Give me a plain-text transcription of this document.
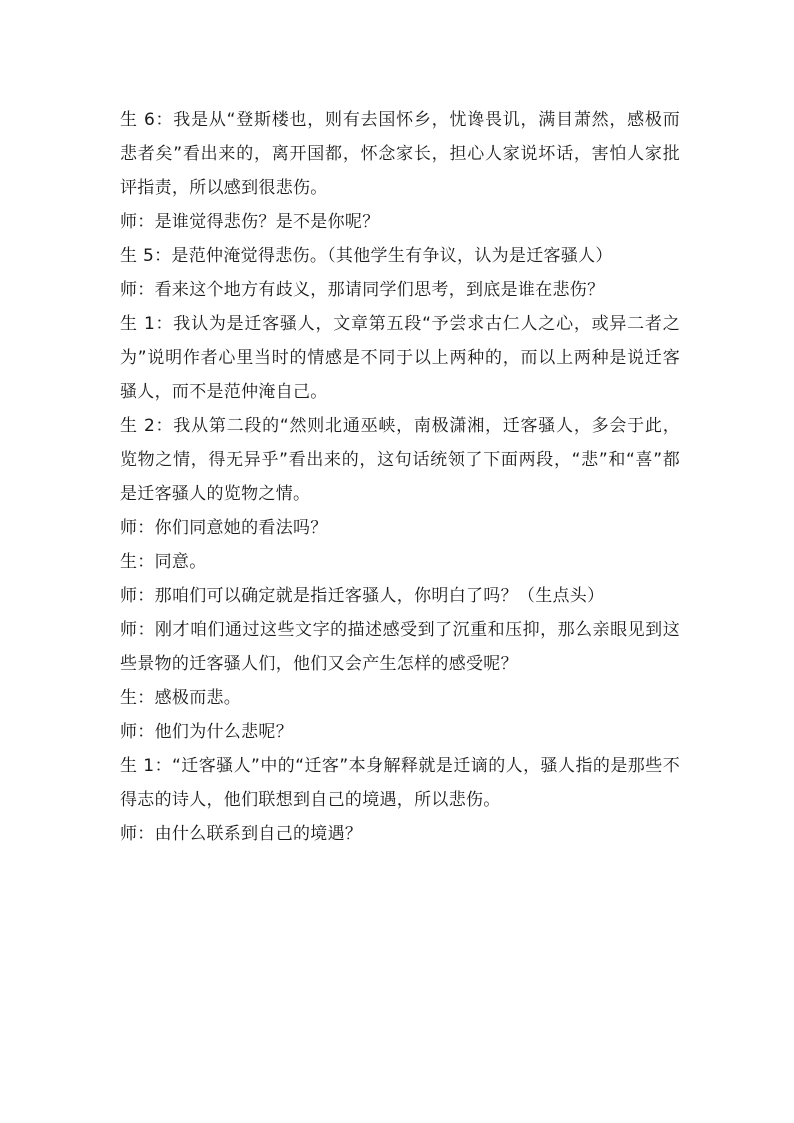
生 6：我是从“登斯楼也，则有去国怀乡，忧谗畏讥，满目萧然，感极而悲者矣”看出来的，离开国都，怀念家长，担心人家说坏话，害怕人家批评指责，所以感到很悲伤。

师：是谁觉得悲伤？是不是你呢？

生 5：是范仲淹觉得悲伤。（其他学生有争议，认为是迁客骚人）

师：看来这个地方有歧义，那请同学们思考，到底是谁在悲伤？

生 1：我认为是迁客骚人，文章第五段“予尝求古仁人之心，或异二者之为”说明作者心里当时的情感是不同于以上两种的，而以上两种是说迁客骚人，而不是范仲淹自己。

生 2：我从第二段的“然则北通巫峡，南极潇湘，迁客骚人，多会于此，览物之情，得无异乎”看出来的，这句话统领了下面两段，“悲”和“喜”都是迁客骚人的览物之情。

师：你们同意她的看法吗？

生：同意。

师：那咱们可以确定就是指迁客骚人，你明白了吗？（生点头）

师：刚才咱们通过这些文字的描述感受到了沉重和压抑，那么亲眼见到这些景物的迁客骚人们，他们又会产生怎样的感受呢？

生：感极而悲。

师：他们为什么悲呢？

生 1：“迁客骚人”中的“迁客”本身解释就是迁谪的人，骚人指的是那些不得志的诗人，他们联想到自己的境遇，所以悲伤。

师：由什么联系到自己的境遇？
